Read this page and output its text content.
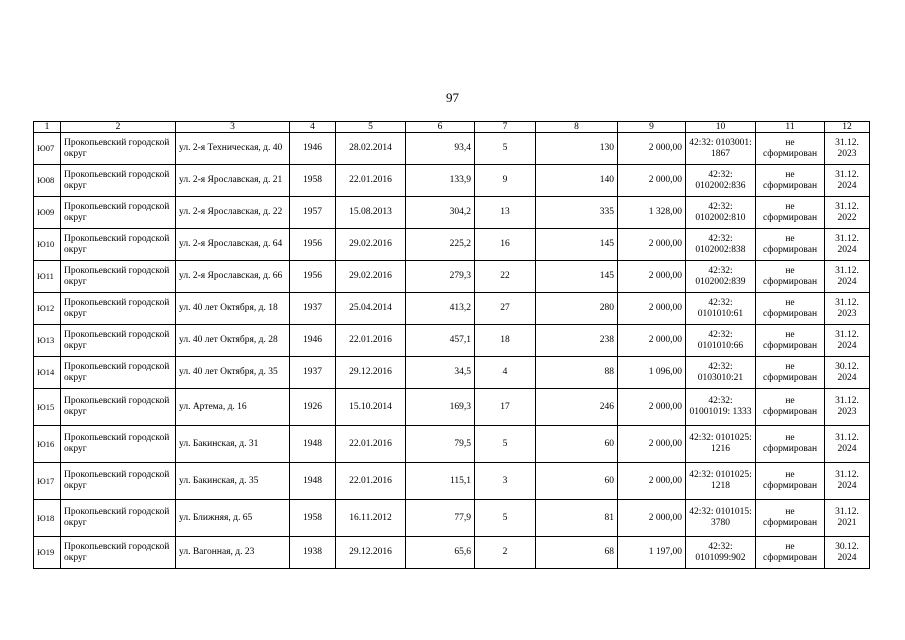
97
1	2	3	4	5	6	7	8	9	10	11	12
Ю07	Прокопьевский городской округ	ул. 2-я Техническая, д. 40	1946	28.02.2014	93,4	5	130	2 000,00	42:32: 0103001: 1867	не сформирован	31.12. 2023
Ю08	Прокопьевский городской округ	ул. 2-я Ярославская, д. 21	1958	22.01.2016	133,9	9	140	2 000,00	42:32: 0102002:836	не сформирован	31.12. 2024
Ю09	Прокопьевский городской округ	ул. 2-я Ярославская, д. 22	1957	15.08.2013	304,2	13	335	1 328,00	42:32: 0102002:810	не сформирован	31.12. 2022
Ю10	Прокопьевский городской округ	ул. 2-я Ярославская, д. 64	1956	29.02.2016	225,2	16	145	2 000,00	42:32: 0102002:838	не сформирован	31.12. 2024
Ю11	Прокопьевский городской округ	ул. 2-я Ярославская, д. 66	1956	29.02.2016	279,3	22	145	2 000,00	42:32: 0102002:839	не сформирован	31.12. 2024
Ю12	Прокопьевский городской округ	ул. 40 лет Октября, д. 18	1937	25.04.2014	413,2	27	280	2 000,00	42:32: 0101010:61	не сформирован	31.12. 2023
Ю13	Прокопьевский городской округ	ул. 40 лет Октября, д. 28	1946	22.01.2016	457,1	18	238	2 000,00	42:32: 0101010:66	не сформирован	31.12. 2024
Ю14	Прокопьевский городской округ	ул. 40 лет Октября, д. 35	1937	29.12.2016	34,5	4	88	1 096,00	42:32: 0103010:21	не сформирован	30.12. 2024
Ю15	Прокопьевский городской округ	ул. Артема, д. 16	1926	15.10.2014	169,3	17	246	2 000,00	42:32: 01001019: 1333	не сформирован	31.12. 2023
Ю16	Прокопьевский городской округ	ул. Бакинская, д. 31	1948	22.01.2016	79,5	5	60	2 000,00	42:32: 0101025: 1216	не сформирован	31.12. 2024
Ю17	Прокопьевский городской округ	ул. Бакинская, д. 35	1948	22.01.2016	115,1	3	60	2 000,00	42:32: 0101025: 1218	не сформирован	31.12. 2024
Ю18	Прокопьевский городской округ	ул. Ближняя, д. 65	1958	16.11.2012	77,9	5	81	2 000,00	42:32: 0101015: 3780	не сформирован	31.12. 2021
Ю19	Прокопьевский городской округ	ул. Вагонная, д. 23	1938	29.12.2016	65,6	2	68	1 197,00	42:32: 0101099:902	не сформирован	30.12. 2024
